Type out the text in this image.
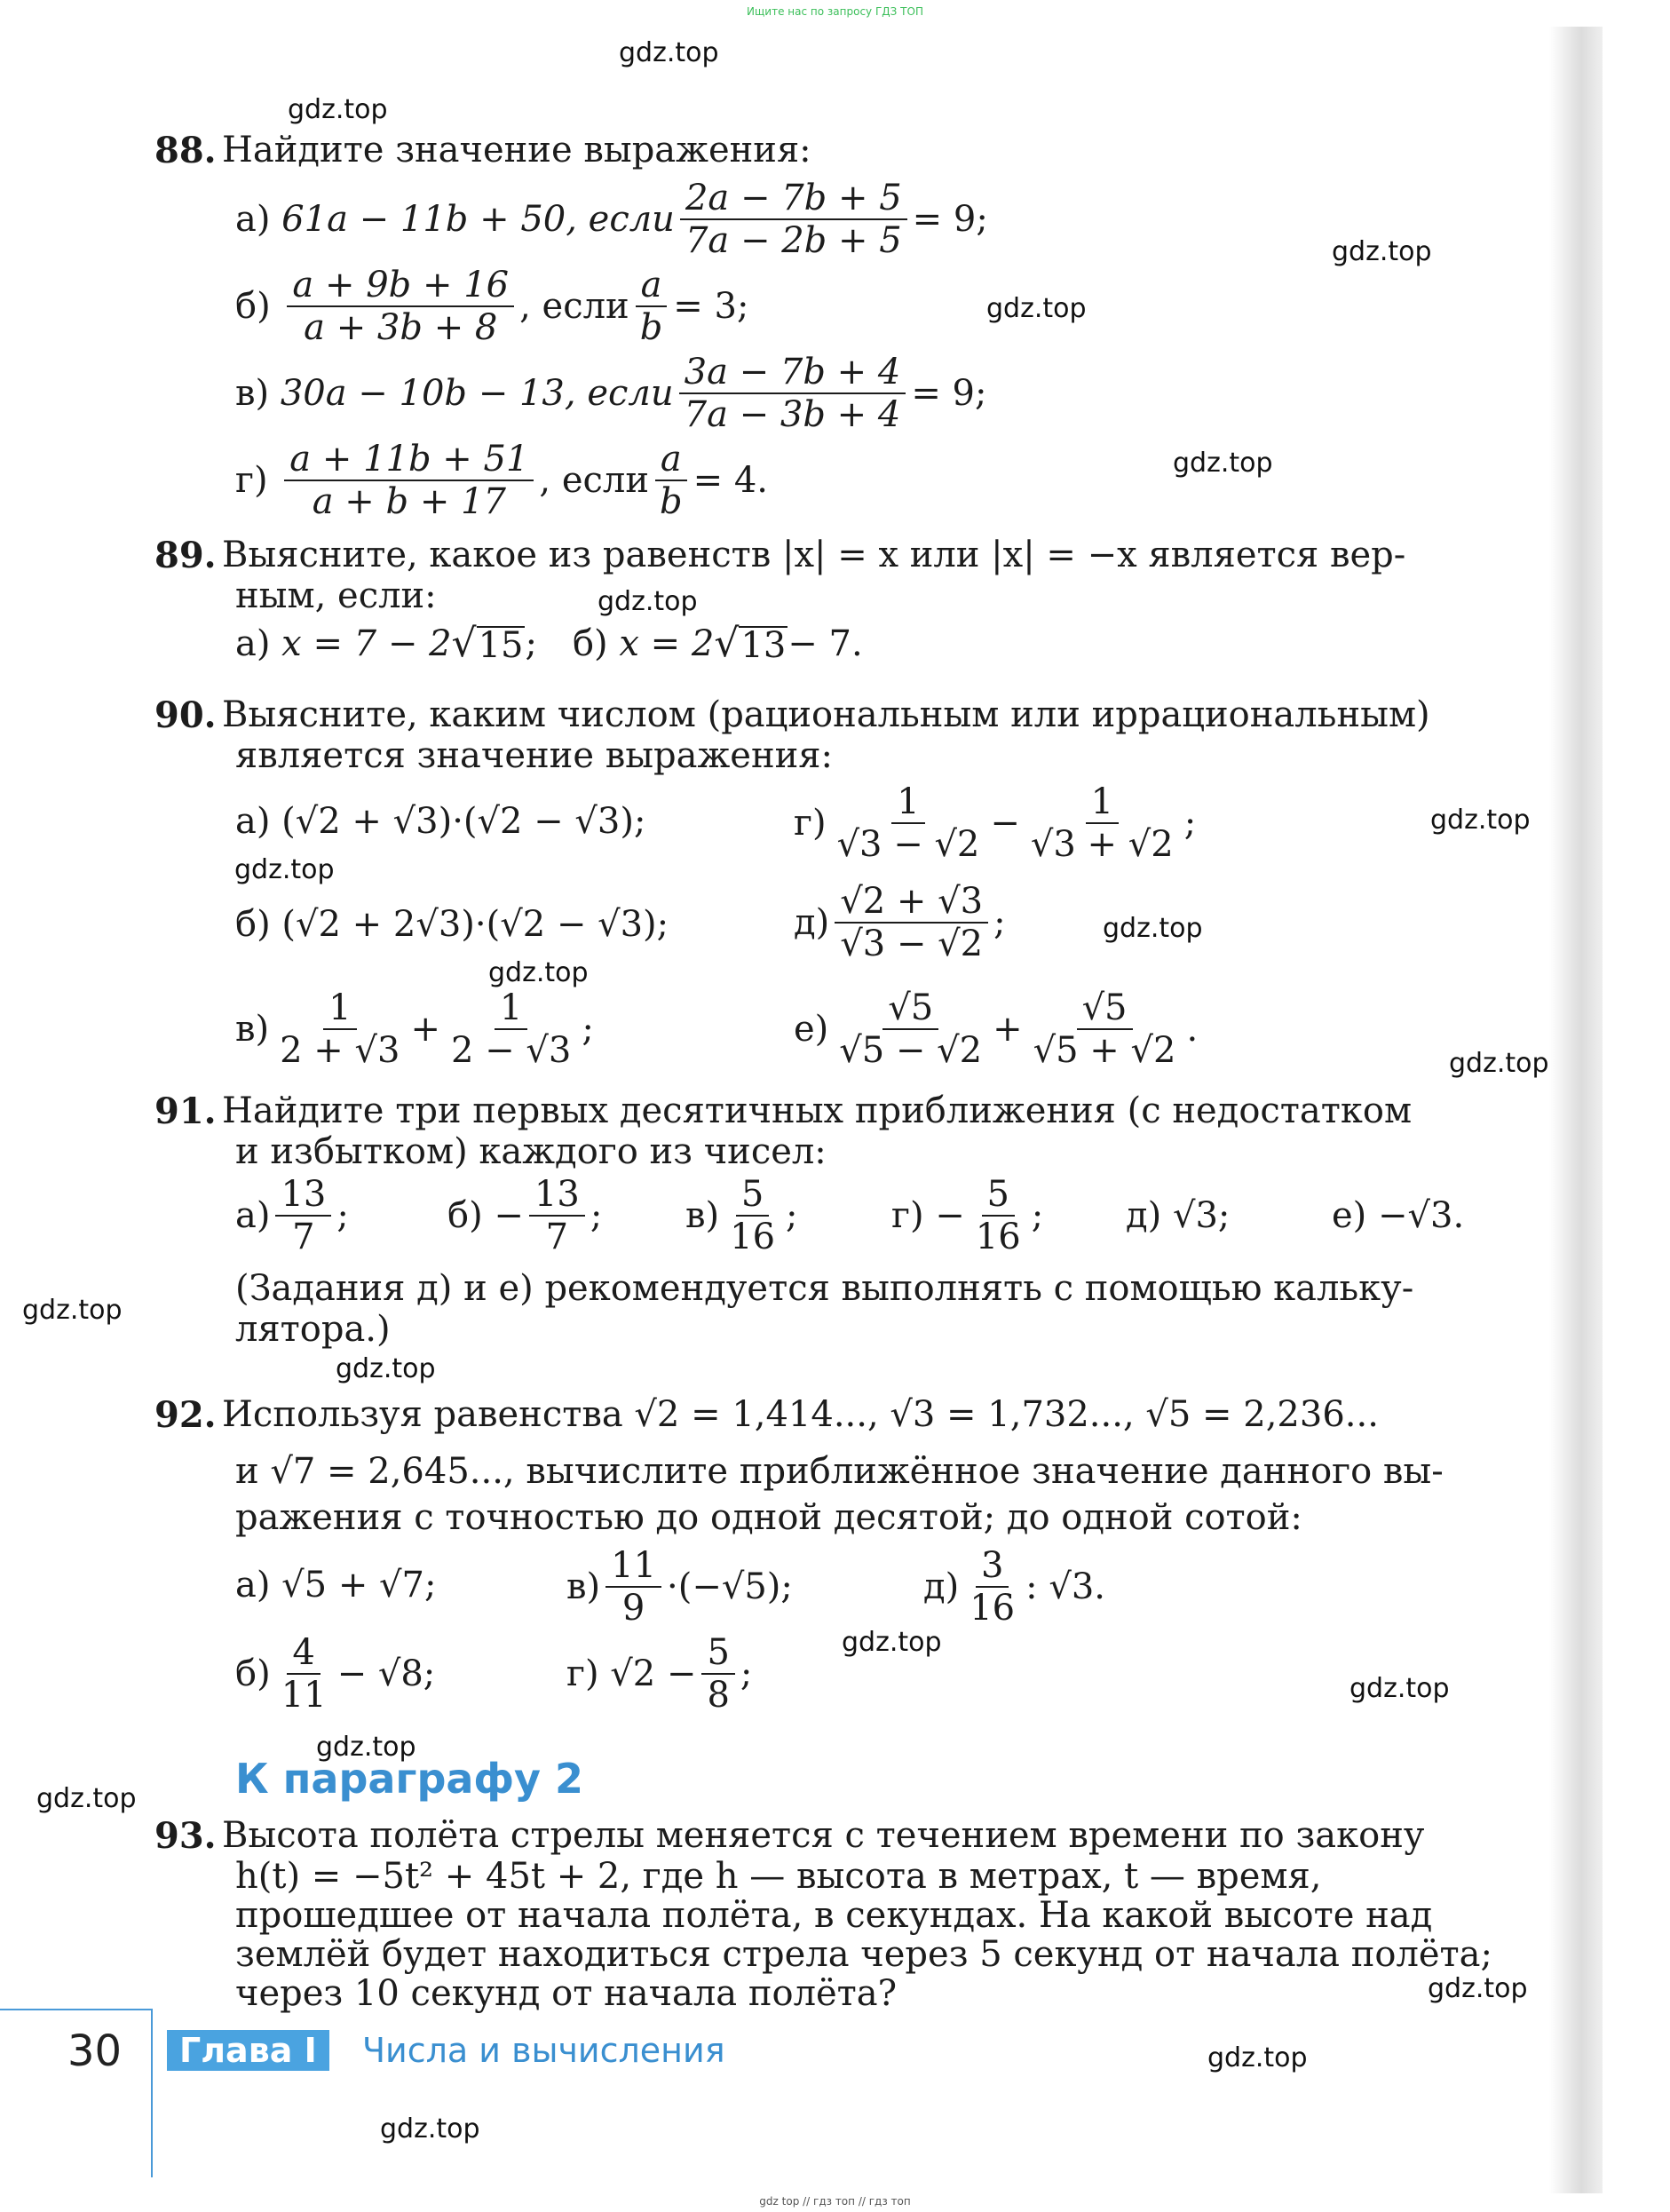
Ищите нас по запросу ГДЗ ТОП
gdz.top
gdz.top
gdz.top
gdz.top
gdz.top
gdz.top
gdz.top
gdz.top
gdz.top
gdz.top
gdz.top
gdz.top
gdz.top
gdz.top
gdz.top
gdz.top
gdz.top
gdz.top
gdz.top
gdz.top
88. Найдите значение выражения:
а)
61a − 11b + 50, если $\frac{2a - 7b + 5}{7a - 2b + 5} = 9$;
б)
$\frac{a + 9b + 16}{a + 3b + 8}$ , если $\frac{a}{b} = 3$;
в)
30a − 10b − 13, если $\frac{3a - 7b + 4}{7a - 3b + 4} = 9$;
г)
$\frac{a + 11b + 51}{a + b + 17}$ , если $\frac{a}{b} = 4$.
89. Выясните, какое из равенств |x| = x или |x| = −x является вер-
ным, если:
а)
x = 7 − 2 √ 15 ; б)
x = 2 √ 13 − 7.
90. Выясните, каким числом (рациональным или иррациональным)
является значение выражения:
а)
(√2 + √3)·(√2 − √3);	$г) \frac{1}{√3 - √2} - \frac{1}{√3 + √2}$ ;
б)
(√2 + 2√3)·(√2 − √3);	$д) \frac{√2 + √3}{√3 - √2}$ ;
$в) \frac{1}{2 + √3} + \frac{1}{2 - √3}$ ;	$е) \frac{√5}{√5 - √2} + \frac{√5}{√5 + √2}$ .
91. Найдите три первых десятичных приближения (с недостатком
и избытком) каждого из чисел:
$а) \frac{13}{7}$ ;	б)
− $\frac{13}{7}$ ; $в) \frac{5}{16}$ ;	г)
− $\frac{5}{16}$ ; д)
√3;	е)
−√3.
(Задания д) и е) рекомендуется выполнять с помощью кальку-
лятора.)
92. Используя равенства √2 = 1,414..., √3 = 1,732..., √5 = 2,236...
и √7 = 2,645..., вычислите приближённое значение данного вы-
ражения с точностью до одной десятой; до одной сотой:
а)
√5 + √7;	$в) \frac{11}{9} \cdot(-√5)$;	$д) \frac{3}{16}$ : √3.
$б) \frac{4}{11} - √8$;	г)
$√2 - \frac{5}{8}$ ;
К параграфу 2
93. Высота полёта стрелы меняется с течением времени по закону
h(t) = −5t² + 45t + 2, где h — высота в метрах, t — время,
прошедшее от начала полёта, в секундах. На какой высоте над
землёй будет находиться стрела через 5 секунд от начала полёта;
через 10 секунд от начала полёта?
30	Глава I	Числа и вычисления
gdz top // гдз топ // гдз топ
